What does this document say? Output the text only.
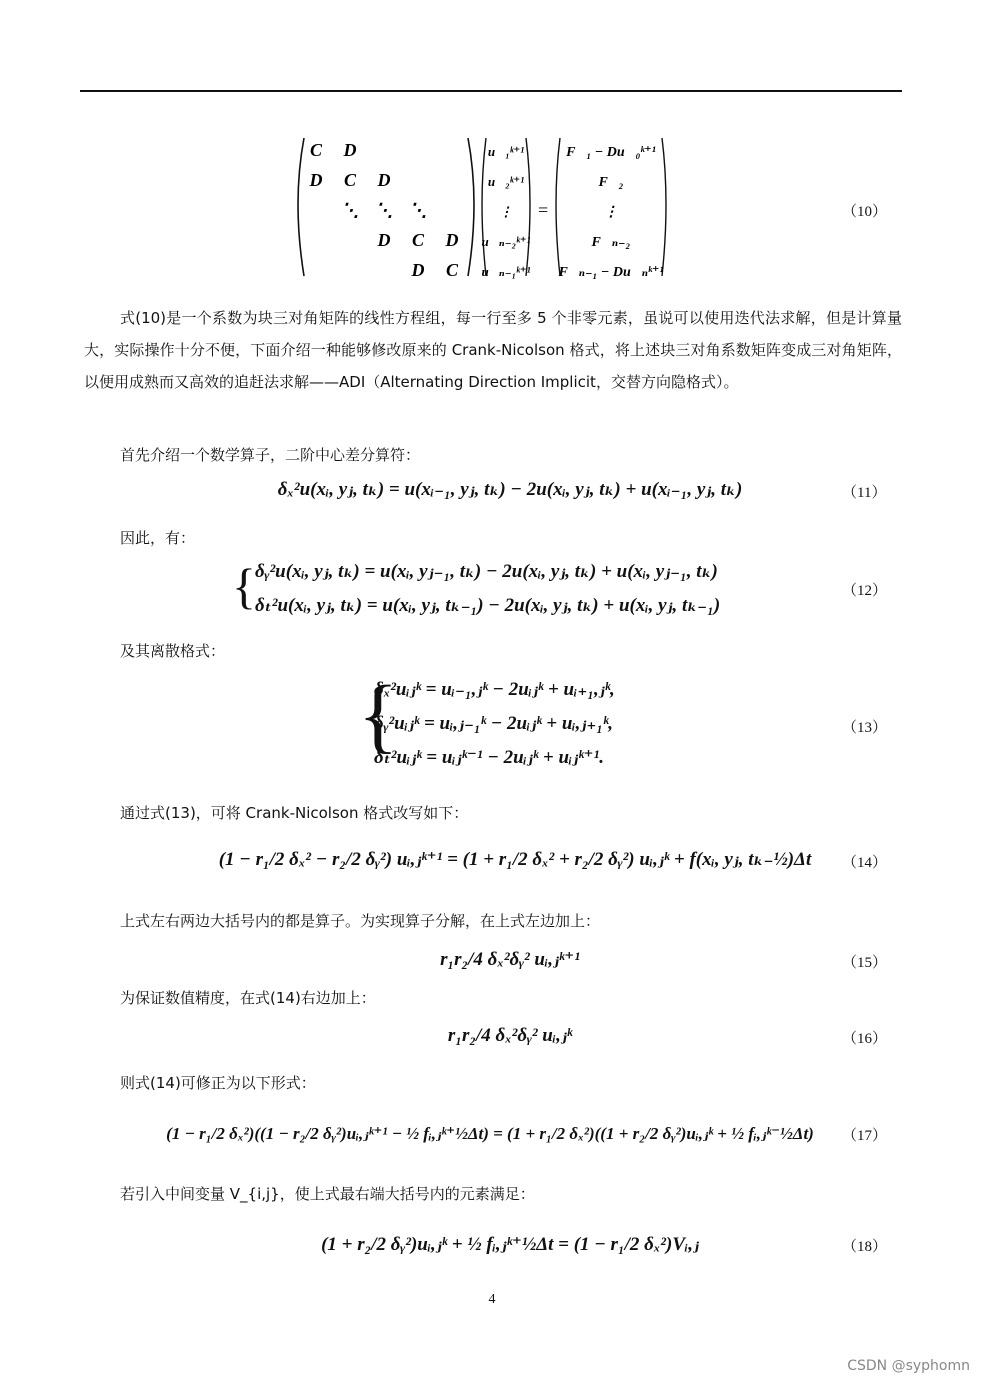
C D
D C D
⋱ ⋱ ⋱
D C D
D C
u⃗₁ᵏ⁺¹
u⃗₂ᵏ⁺¹
⋮
u⃗ₙ₋₂ᵏ⁺¹
u⃗ₙ₋₁ᵏ⁺¹
=
F⃗₁ − Du⃗₀ᵏ⁺¹
F⃗₂
⋮
F⃗ₙ₋₂
F⃗ₙ₋₁ − Du⃗ₙᵏ⁺¹
（10）
式(10)是一个系数为块三对角矩阵的线性方程组，每一行至多 5 个非零元素，虽说可以使用迭代法求解，但是计算量大，实际操作十分不便，下面介绍一种能够修改原来的 Crank-Nicolson 格式，将上述块三对角系数矩阵变成三对角矩阵，以便用成熟而又高效的追赶法求解——ADI（Alternating Direction Implicit，交替方向隐格式）。
首先介绍一个数学算子，二阶中心差分算符：
δₓ²u(xᵢ, yⱼ, tₖ) = u(xᵢ₋₁, yⱼ, tₖ) − 2u(xᵢ, yⱼ, tₖ) + u(xᵢ₋₁, yⱼ, tₖ)	（11）
因此，有：
{ δᵧ²u(xᵢ, yⱼ, tₖ) = u(xᵢ, yⱼ₋₁, tₖ) − 2u(xᵢ, yⱼ, tₖ) + u(xᵢ, yⱼ₋₁, tₖ)
δₜ²u(xᵢ, yⱼ, tₖ) = u(xᵢ, yⱼ, tₖ₋₁) − 2u(xᵢ, yⱼ, tₖ) + u(xᵢ, yⱼ, tₖ₋₁)
（12）
及其离散格式：
{
δₓ²uᵢⱼᵏ = uᵢ₋₁,ⱼᵏ − 2uᵢⱼᵏ + uᵢ₊₁,ⱼᵏ,
δᵧ²uᵢⱼᵏ = uᵢ,ⱼ₋₁ᵏ − 2uᵢⱼᵏ + uᵢ,ⱼ₊₁ᵏ,
δₜ²uᵢⱼᵏ = uᵢⱼᵏ⁻¹ − 2uᵢⱼᵏ + uᵢⱼᵏ⁺¹.
（13）
通过式(13)，可将 Crank-Nicolson 格式改写如下：
(1 − r₁/2 δₓ² − r₂/2 δᵧ²) uᵢ,ⱼᵏ⁺¹ = (1 + r₁/2 δₓ² + r₂/2 δᵧ²) uᵢ,ⱼᵏ + f(xᵢ, yⱼ, tₖ₋½)Δt （14）
上式左右两边大括号内的都是算子。为实现算子分解，在上式左边加上：
r₁r₂/4 δₓ²δᵧ² uᵢ,ⱼᵏ⁺¹	（15）
为保证数值精度，在式(14)右边加上：
r₁r₂/4 δₓ²δᵧ² uᵢ,ⱼᵏ	（16）
则式(14)可修正为以下形式：
(1 − r₁/2 δₓ²)((1 − r₂/2 δᵧ²)uᵢ,ⱼᵏ⁺¹ − ½ fᵢ,ⱼᵏ⁺½Δt) = (1 + r₁/2 δₓ²)((1 + r₂/2 δᵧ²)uᵢ,ⱼᵏ + ½ fᵢ,ⱼᵏ⁻½Δt)	（17）
若引入中间变量 V_{i,j}，使上式最右端大括号内的元素满足：
(1 + r₂/2 δᵧ²)uᵢ,ⱼᵏ + ½ fᵢ,ⱼᵏ⁺½Δt = (1 − r₁/2 δₓ²)Vᵢ,ⱼ	（18）
4
CSDN @syphomn
